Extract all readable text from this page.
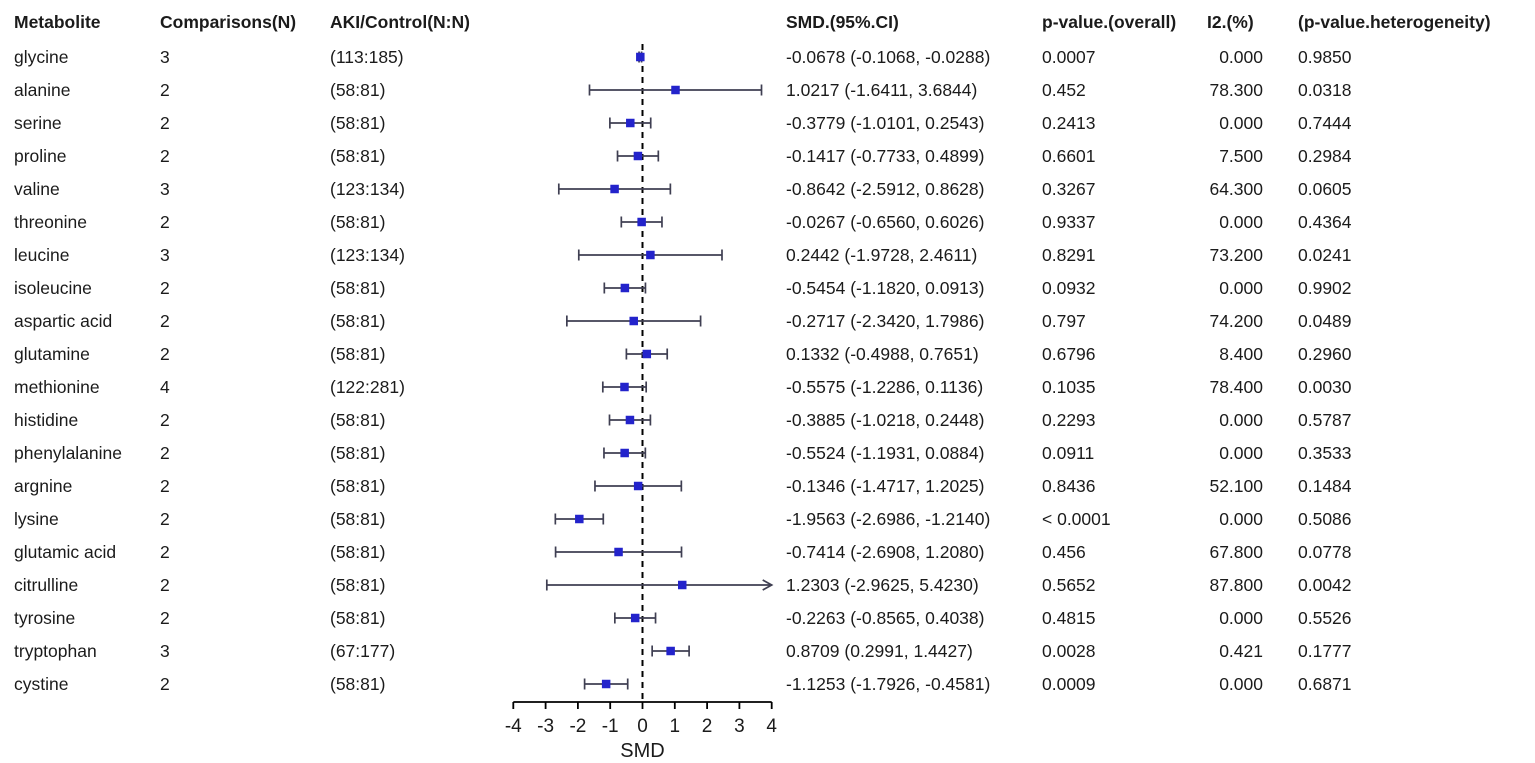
Metabolite	Comparisons(N) AKI/Control(N:N)	SMD.(95%.CI)	p-value.(overall) I2.(%)	(p-value.heterogeneity)
glycine	3	(113:185)	-0.0678 (-0.1068, -0.0288)	0.0007	0.000 0.9850
alanine	2	(58:81)	1.0217 (-1.6411, 3.6844)	0.452	78.300 0.0318
serine	2	(58:81)	-0.3779 (-1.0101, 0.2543)	0.2413	0.000 0.7444
proline	2	(58:81)	-0.1417 (-0.7733, 0.4899)	0.6601	7.500 0.2984
valine	3	(123:134)	-0.8642 (-2.5912, 0.8628)	0.3267	64.300 0.0605
threonine	2	(58:81)	-0.0267 (-0.6560, 0.6026)	0.9337	0.000 0.4364
leucine	3	(123:134)	0.2442 (-1.9728, 2.4611)	0.8291	73.200 0.0241
isoleucine	2	(58:81)	-0.5454 (-1.1820, 0.0913)	0.0932	0.000 0.9902
aspartic acid	2	(58:81)	-0.2717 (-2.3420, 1.7986)	0.797	74.200 0.0489
glutamine	2	(58:81)	0.1332 (-0.4988, 0.7651)	0.6796	8.400 0.2960
methionine	4	(122:281)	-0.5575 (-1.2286, 0.1136)	0.1035	78.400 0.0030
histidine	2	(58:81)	-0.3885 (-1.0218, 0.2448)	0.2293	0.000 0.5787
phenylalanine 2	(58:81)	-0.5524 (-1.1931, 0.0884)	0.0911	0.000 0.3533
argnine	2	(58:81)	-0.1346 (-1.4717, 1.2025)	0.8436	52.100 0.1484
lysine	2	(58:81)	-1.9563 (-2.6986, -1.2140)	< 0.0001	0.000 0.5086
glutamic acid	2	(58:81)	-0.7414 (-2.6908, 1.2080)	0.456	67.800 0.0778
citrulline	2	(58:81)	1.2303 (-2.9625, 5.4230)	0.5652	87.800 0.0042
tyrosine	2	(58:81)	-0.2263 (-0.8565, 0.4038)	0.4815	0.000 0.5526
tryptophan	3	(67:177)	0.8709 (0.2991, 1.4427)	0.0028	0.421 0.1777
cystine	2	(58:81)	-1.1253 (-1.7926, -0.4581)	0.0009	0.000 0.6871
-4 -3 -2 -1 0 1 2 3 4
SMD
